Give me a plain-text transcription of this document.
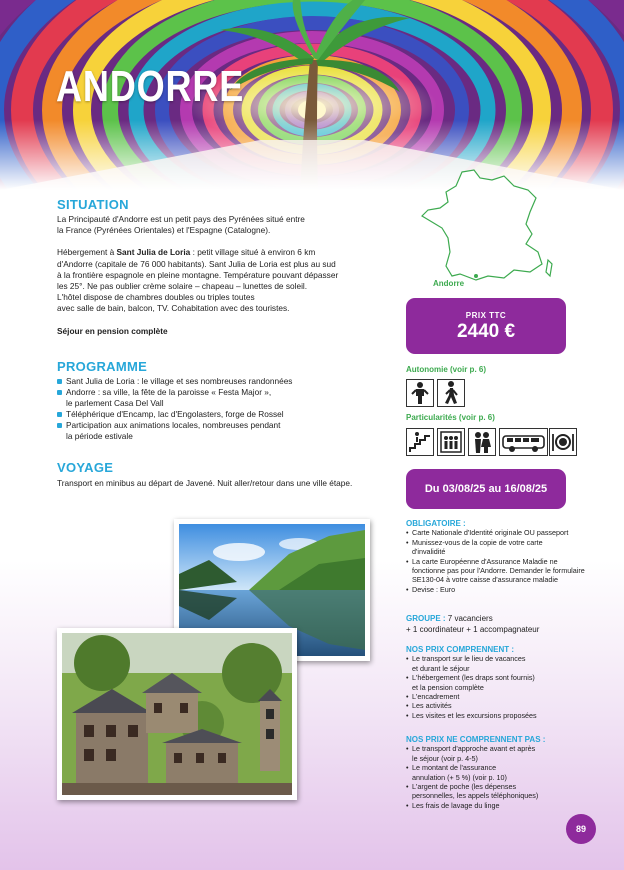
ANDORRE
SITUATION

La Principauté d'Andorre est un petit pays des Pyrénées situé entre
la France (Pyrénées Orientales) et l'Espagne (Catalogne).

Hébergement à Sant Julia de Loria : petit village situé à environ 6 km
d'Andorre (capitale de 76 000 habitants). Sant Julia de Loria est plus au sud
à la frontière espagnole en pleine montagne. Température pouvant dépasser
les 25°. Ne pas oublier crème solaire – chapeau – lunettes de soleil.
L'hôtel dispose de chambres doubles ou triples toutes
avec salle de bain, balcon, TV. Cohabitation avec des touristes.

Séjour en pension complète

PROGRAMME
Sant Julia de Loria : le village et ses nombreuses randonnées
Andorre : sa ville, la fête de la paroisse « Festa Major »,
le parlement Casa Del Vall
Téléphérique d'Encamp, lac d'Engolasters, forge de Rossel
Participation aux animations locales, nombreuses pendant
la période estivale
VOYAGE
Transport en minibus au départ de Javené. Nuit aller/retour dans une ville étape.
Andorre
PRIX TTC
2440 €
Autonomie (voir p. 6)
Particularités (voir p. 6)
Du 03/08/25 au 16/08/25
OBLIGATOIRE :
• Carte Nationale d'Identité originale OU passeport
• Munissez-vous de la copie de votre carte
d'invalidité
• La carte Européenne d'Assurance Maladie ne
fonctionne pas pour l'Andorre. Demander le formulaire
SE130-04 à votre caisse d'assurance maladie
• Devise : Euro
GROUPE : 7 vacanciers
+ 1 coordinateur + 1 accompagnateur
NOS PRIX COMPRENNENT :
• Le transport sur le lieu de vacances
et durant le séjour
• L'hébergement (les draps sont fournis)
et la pension complète
• L'encadrement
• Les activités
• Les visites et les excursions proposées
NOS PRIX NE COMPRENNENT PAS :
• Le transport d'approche avant et après
le séjour (voir p. 4-5)
• Le montant de l'assurance
annulation (+ 5 %) (voir p. 10)
• L'argent de poche (les dépenses
personnelles, les appels téléphoniques)
• Les frais de lavage du linge
89
